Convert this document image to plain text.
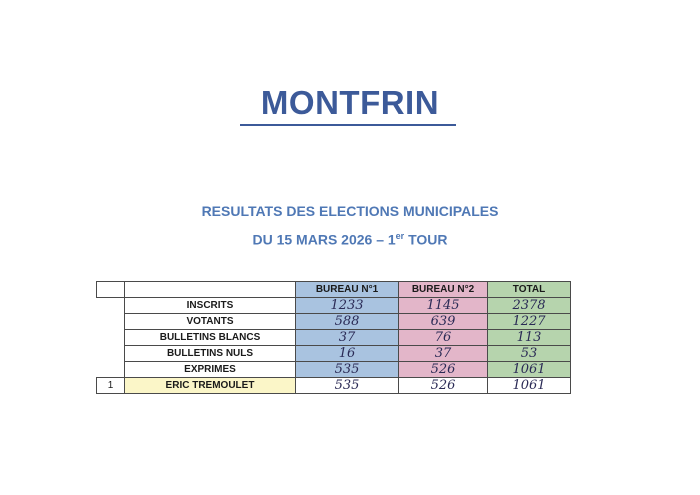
MONTFRIN
RESULTATS DES ELECTIONS MUNICIPALES
DU 15 MARS 2026 – 1er TOUR
		BUREAU N°1	BUREAU N°2	TOTAL
	INSCRITS	1233	1145	2378
	VOTANTS	588	639	1227
	BULLETINS BLANCS	37	76	113
	BULLETINS NULS	16	37	53
	EXPRIMES	535	526	1061
1	ERIC TREMOULET	535	526	1061
